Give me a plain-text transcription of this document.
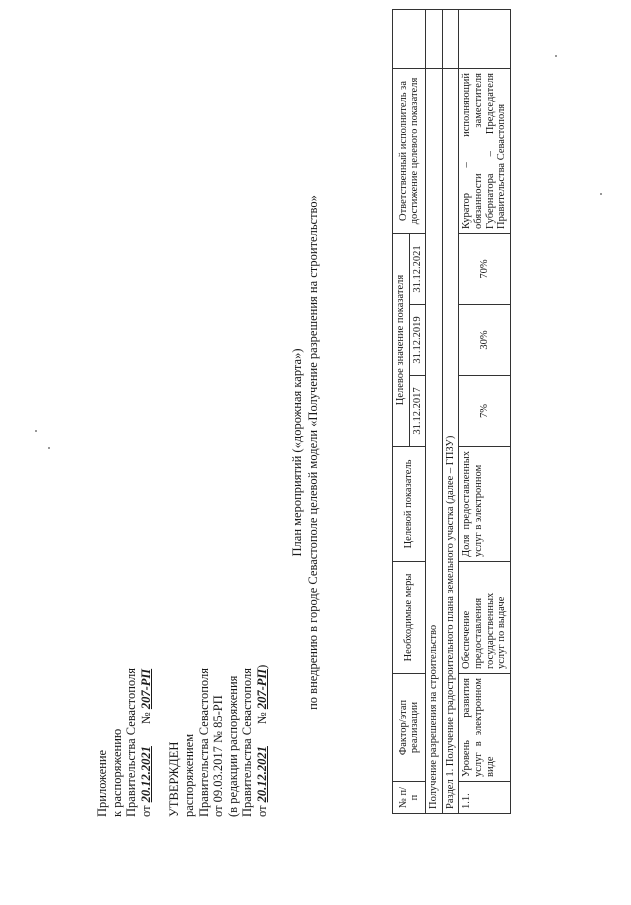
Приложение к распоряжению Правительства Севастополя от 20.12.2021       № 207-РП
УТВЕРЖДЕН распоряжением Правительства Севастополя от 09.03.2017 № 85-РП (в редакции распоряжения Правительства Севастополя от 20.12.2021       № 207-РП)
План мероприятий («дорожная карта») по внедрению в городе Севастополе целевой модели «Получение разрешения на строительство»
№ п/п	Фактор/этап реализации	Необходимые меры	Целевой показатель	Целевое значение показателя			Ответственный исполнитель за достижение целевого показателя	
				31.12.2017	31.12.2019	31.12.2021		
Получение разрешения на строительство								
Раздел 1. Получение градостроительного плана земельного участка (далее – ГПЗУ)								
1.1.	Уровень развития услуг в электронном виде	Обеспечение предоставления государственных услуг по выдаче	Доля предоставленных услуг в электронном	7%	30%	70%	Куратор – исполняющий обязанности заместителя Губернатора – Председателя Правительства Севастополя	
